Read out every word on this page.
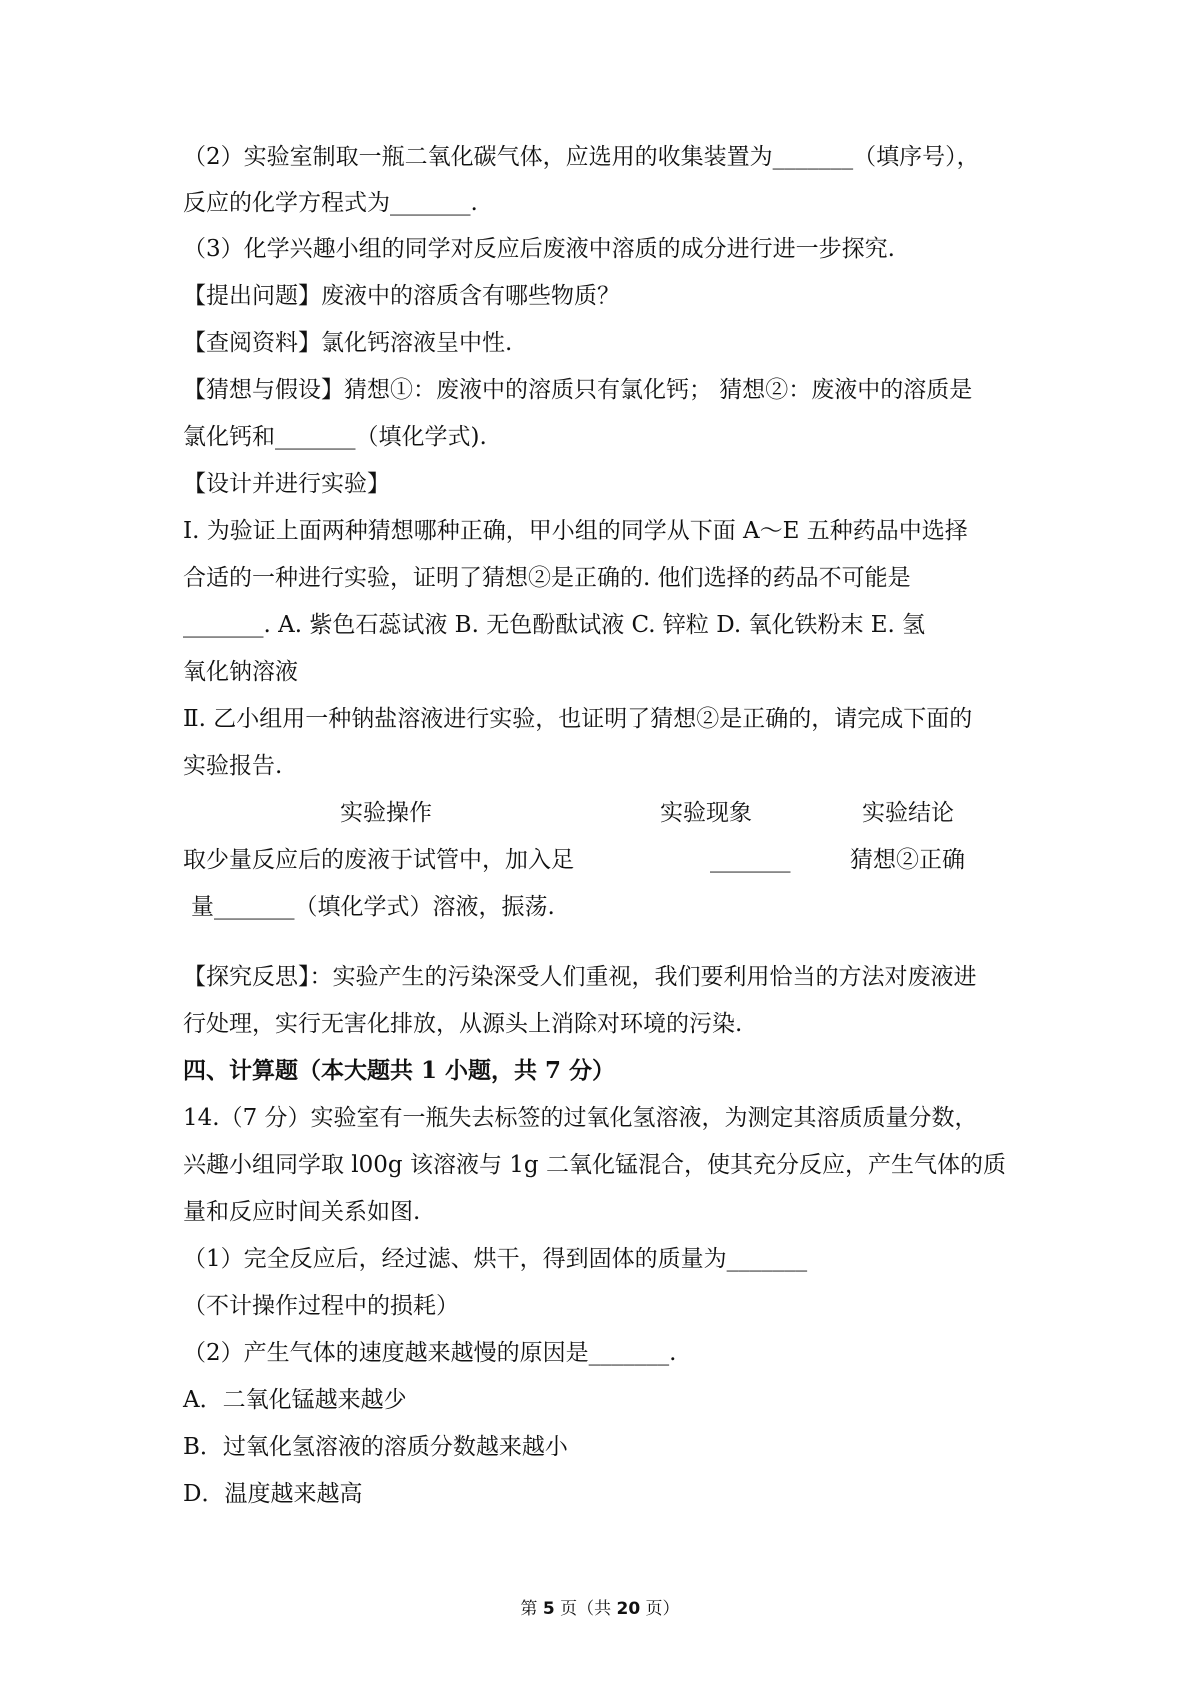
（2）实验室制取一瓶二氧化碳气体，应选用的收集装置为_______（填序号），
反应的化学方程式为_______.
（3）化学兴趣小组的同学对反应后废液中溶质的成分进行进一步探究.
【提出问题】废液中的溶质含有哪些物质？
【查阅资料】氯化钙溶液呈中性.
【猜想与假设】猜想①：废液中的溶质只有氯化钙； 猜想②：废液中的溶质是
氯化钙和_______（填化学式).
【设计并进行实验】
I. 为验证上面两种猜想哪种正确，甲小组的同学从下面 A～E 五种药品中选择
合适的一种进行实验，证明了猜想②是正确的. 他们选择的药品不可能是
_______. A. 紫色石蕊试液 B. 无色酚酞试液 C. 锌粒 D. 氧化铁粉末 E. 氢
氧化钠溶液
Ⅱ. 乙小组用一种钠盐溶液进行实验，也证明了猜想②是正确的，请完成下面的
实验报告.
实验操作	实验现象	实验结论
取少量反应后的废液于试管中，加入足	_______	猜想②正确
量_______（填化学式）溶液，振荡.
【探究反思】：实验产生的污染深受人们重视，我们要利用恰当的方法对废液进
行处理，实行无害化排放，从源头上消除对环境的污染.
四、计算题（本大题共 1 小题，共 7 分）
14.（7 分）实验室有一瓶失去标签的过氧化氢溶液，为测定其溶质质量分数，
兴趣小组同学取 l00g 该溶液与 1g 二氧化锰混合，使其充分反应，产生气体的质
量和反应时间关系如图.
（1）完全反应后，经过滤、烘干，得到固体的质量为_______
（不计操作过程中的损耗）
（2）产生气体的速度越来越慢的原因是_______.
A．二氧化锰越来越少
B．过氧化氢溶液的溶质分数越来越小
D．温度越来越高
第 5 页（共 20 页）
